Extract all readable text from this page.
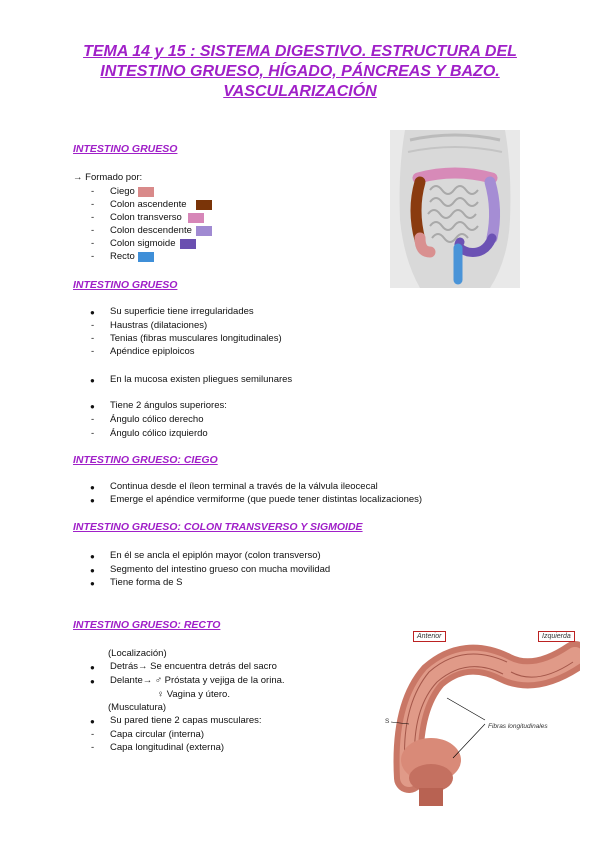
TEMA 14 y 15 : SISTEMA DIGESTIVO. ESTRUCTURA DEL
INTESTINO GRUESO, HÍGADO, PÁNCREAS Y BAZO.
VASCULARIZACIÓN
INTESTINO GRUESO
→ Formado por:
- Ciego
- Colon ascendente
- Colon transverso
- Colon descendente
- Colon sigmoide
- Recto
INTESTINO GRUESO
● Su superficie tiene irregularidades
- Haustras (dilataciones)
- Tenias (fibras musculares longitudinales)
- Apéndice epiploicos
● En la mucosa existen pliegues semilunares
● Tiene 2 ángulos superiores:
- Ángulo cólico derecho
- Ángulo cólico izquierdo
INTESTINO GRUESO: CIEGO
● Continua desde el íleon terminal a través de la válvula ileocecal
● Emerge el apéndice vermiforme (que puede tener distintas localizaciones)
INTESTINO GRUESO: COLON TRANSVERSO Y SIGMOIDE
● En él se ancla el epiplón mayor (colon transverso)
● Segmento del intestino grueso con mucha movilidad
● Tiene forma de S
INTESTINO GRUESO: RECTO
(Localización)
● Detrás→ Se encuentra detrás del sacro
● Delante→ ♂ Próstata y vejiga de la orina.
♀ Vagina y útero.
(Musculatura)
● Su pared tiene 2 capas musculares:
- Capa circular (interna)
- Capa longitudinal (externa)
Anterior	Izquierda
Fibras longitudinales
S
